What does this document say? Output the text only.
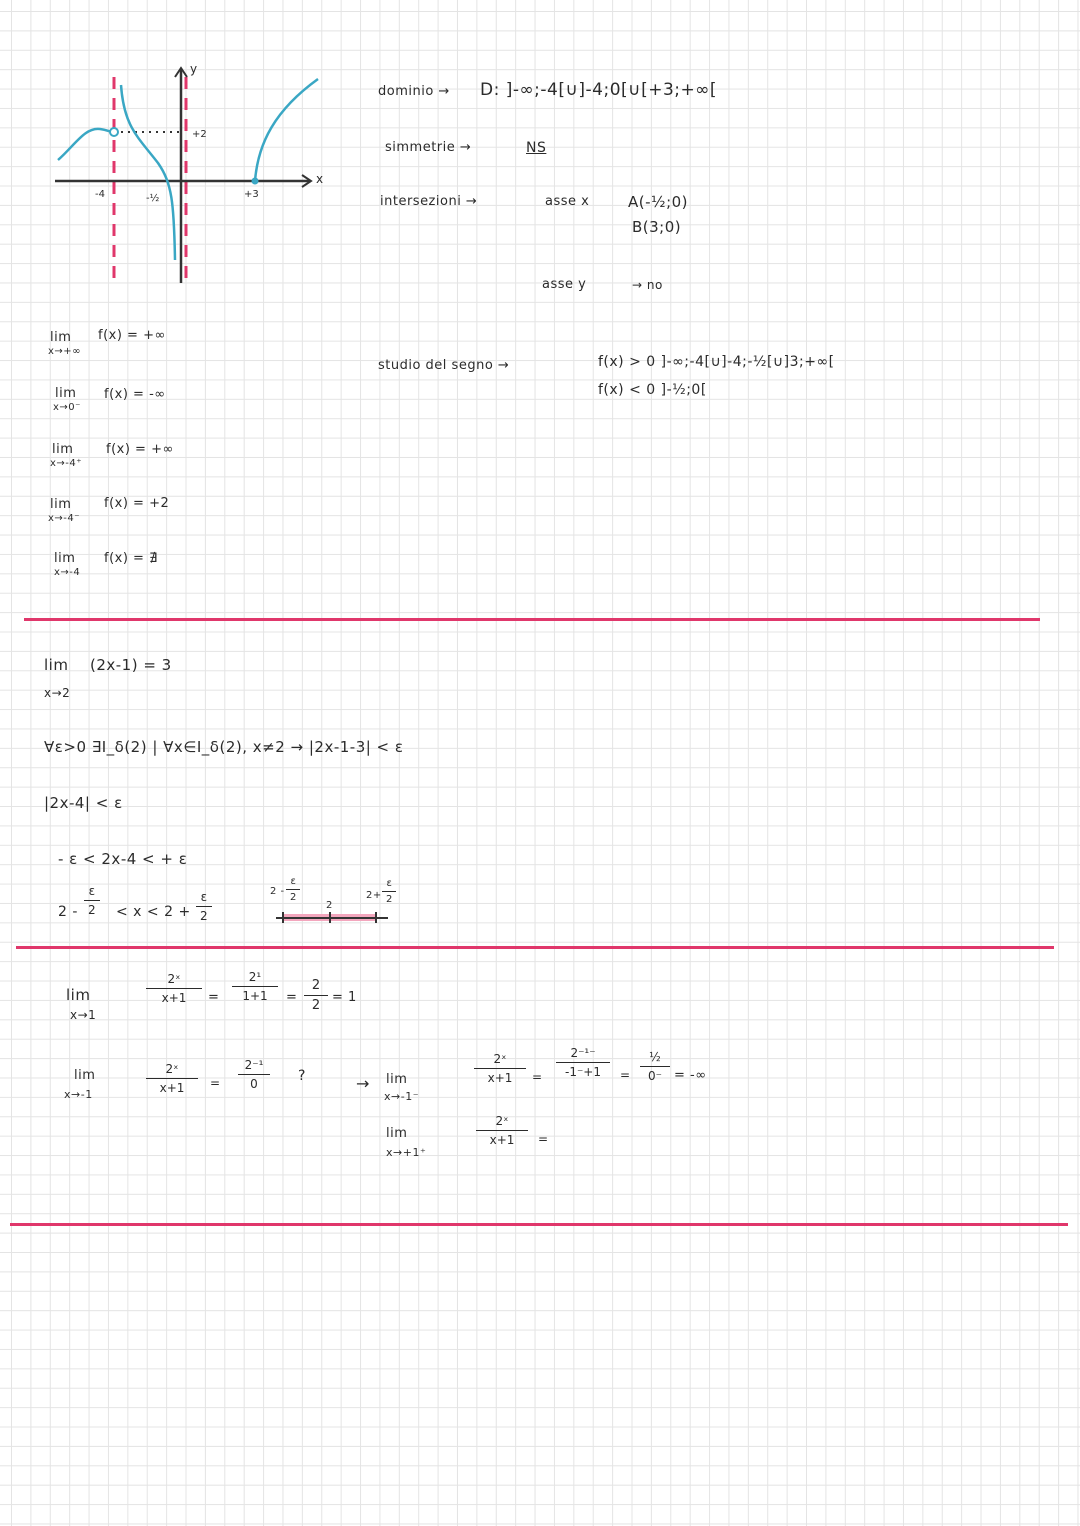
-4	-½
+2
+3
x
y
dominio → D: ]-∞;-4[∪]-4;0[∪[+3;+∞[
simmetrie →	NS
intersezioni →	asse x	A(-½;0)
B(3;0)
asse y	→ no
studio del segno →	f(x) > 0 ]-∞;-4[∪]-4;-½[∪]3;+∞[
f(x) < 0 ]-½;0[
lim
x→+∞
f(x) = +∞
lim
x→0⁻
f(x) = -∞
lim
x→-4⁺
f(x) = +∞
lim
x→-4⁻
f(x) = +2
lim
x→-4
f(x) = ∄
lim (2x-1) = 3
x→2
∀ε>0 ∃I_δ(2) | ∀x∈I_δ(2), x≠2 → |2x-1-3| < ε
|2x-4| < ε
- ε < 2x-4 < + ε
2 -
ε
2 < x < 2 +
ε
2
2 -
ε
2
2
2+
ε
2
lim
x→1
2ˣ
x+1	=
2¹
1+1	=
2
2
= 1
lim
x→-1
2ˣ
x+1	=
2⁻¹
0	?	→ lim
x→-1⁻
2ˣ
x+1	=
2⁻¹⁻
-1⁻+1	=
½
0⁻ = -∞
lim
x→+1⁺
2ˣ
x+1	=
